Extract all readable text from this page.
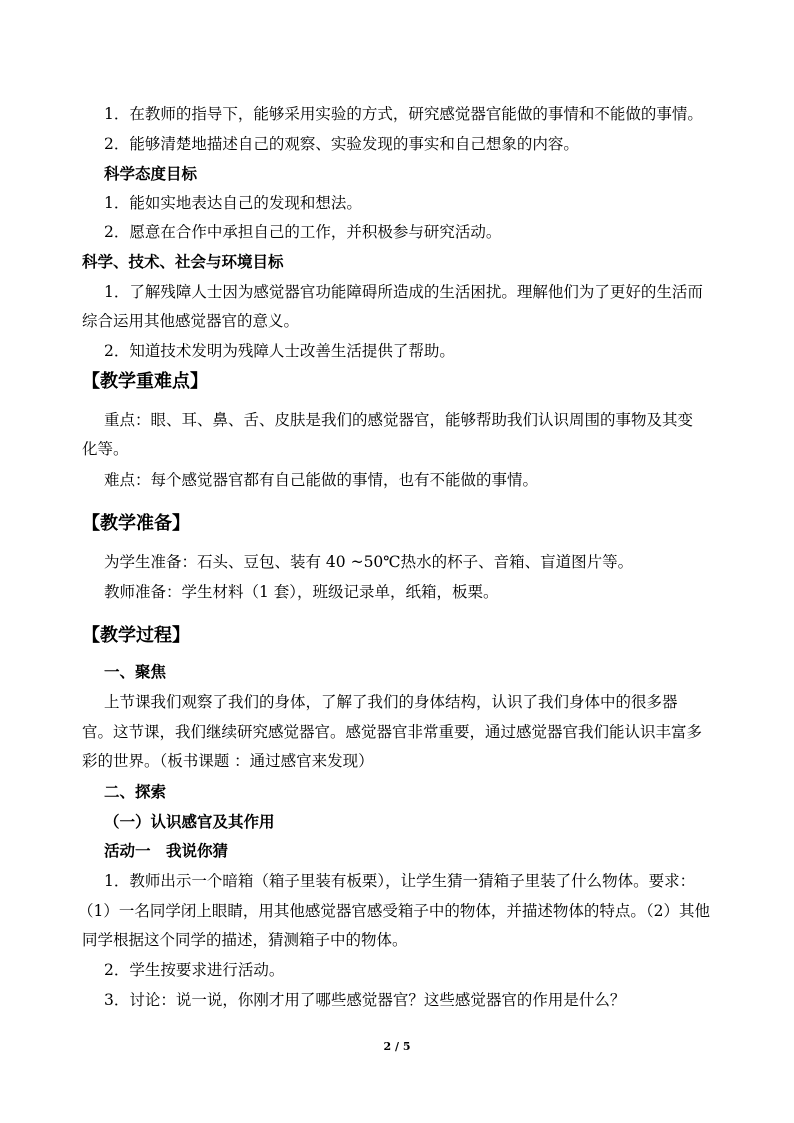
1．在教师的指导下，能够采用实验的方式，研究感觉器官能做的事情和不能做的事情。
2．能够清楚地描述自己的观察、实验发现的事实和自己想象的内容。
科学态度目标
1．能如实地表达自己的发现和想法。
2．愿意在合作中承担自己的工作，并积极参与研究活动。
科学、技术、社会与环境目标
1．了解残障人士因为感觉器官功能障碍所造成的生活困扰。理解他们为了更好的生活而
综合运用其他感觉器官的意义。
2．知道技术发明为残障人士改善生活提供了帮助。
【教学重难点】
重点：眼、耳、鼻、舌、皮肤是我们的感觉器官，能够帮助我们认识周围的事物及其变
化等。
难点：每个感觉器官都有自己能做的事情，也有不能做的事情。
【教学准备】
为学生准备：石头、豆包、装有 40 ~50℃热水的杯子、音箱、盲道图片等。
教师准备：学生材料（1 套），班级记录单，纸箱，板栗。
【教学过程】
一、聚焦
上节课我们观察了我们的身体，了解了我们的身体结构，认识了我们身体中的很多器
官。这节课，我们继续研究感觉器官。感觉器官非常重要，通过感觉器官我们能认识丰富多
彩的世界。（板书课题 ：通过感官来发现）
二、探索
（一）认识感官及其作用
活动一　我说你猜
1．教师出示一个暗箱（箱子里装有板栗），让学生猜一猜箱子里装了什么物体。要求：
（1）一名同学闭上眼睛，用其他感觉器官感受箱子中的物体，并描述物体的特点。（2）其他
同学根据这个同学的描述，猜测箱子中的物体。
2．学生按要求进行活动。
3．讨论：说一说，你刚才用了哪些感觉器官？这些感觉器官的作用是什么？
2 / 5
